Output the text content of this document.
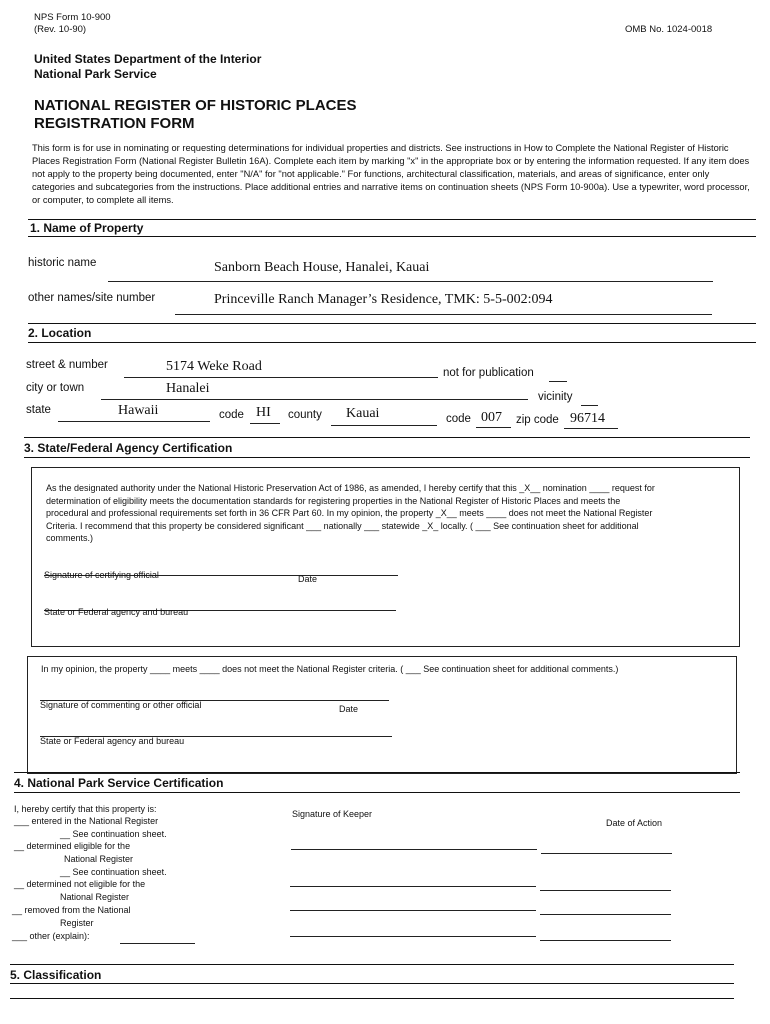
NPS Form 10-900
(Rev. 10-90)	OMB No. 1024-0018
United States Department of the Interior
National Park Service
NATIONAL REGISTER OF HISTORIC PLACES
REGISTRATION FORM
This form is for use in nominating or requesting determinations for individual properties and districts. See instructions in How to Complete the National Register of Historic Places Registration Form (National Register Bulletin 16A). Complete each item by marking "x" in the appropriate box or by entering the information requested. If any item does not apply to the property being documented, enter "N/A" for "not applicable." For functions, architectural classification, materials, and areas of significance, enter only categories and subcategories from the instructions. Place additional entries and narrative items on continuation sheets (NPS Form 10-900a). Use a typewriter, word processor, or computer, to complete all items.
1. Name of Property
historic name	Sanborn Beach House, Hanalei, Kauai
other names/site number	Princeville Ranch Manager’s Residence, TMK: 5-5-002:094
2. Location
street & number	5174 Weke Road	not for publication
city or town	Hanalei
vicinity
state	Hawaii	code HI county Kauai	code 007 zip code 96714
3. State/Federal Agency Certification

As the designated authority under the National Historic Preservation Act of 1986, as amended, I hereby certify that this _X__ nomination ____ request for

determination of eligibility meets the documentation standards for registering properties in the National Register of Historic Places and meets the

procedural and professional requirements set forth in 36 CFR Part 60. In my opinion, the property _X__ meets ____ does not meet the National Register

Criteria. I recommend that this property be considered significant ___ nationally ___ statewide _X_ locally. ( ___ See continuation sheet for additional

comments.)

Signature of certifying official	Date
State or Federal agency and bureau
In my opinion, the property ____ meets ____ does not meet the National Register criteria. ( ___ See continuation sheet for additional comments.)
Signature of commenting or other official	Date
State or Federal agency and bureau
4. National Park Service Certification
I, hereby certify that this property is:
___ entered in the National Register
__ See continuation sheet.
__ determined eligible for the
National Register
__ See continuation sheet.
__ determined not eligible for the
National Register
__ removed from the National
Register
___ other (explain):
Signature of Keeper
Date of Action
5. Classification
